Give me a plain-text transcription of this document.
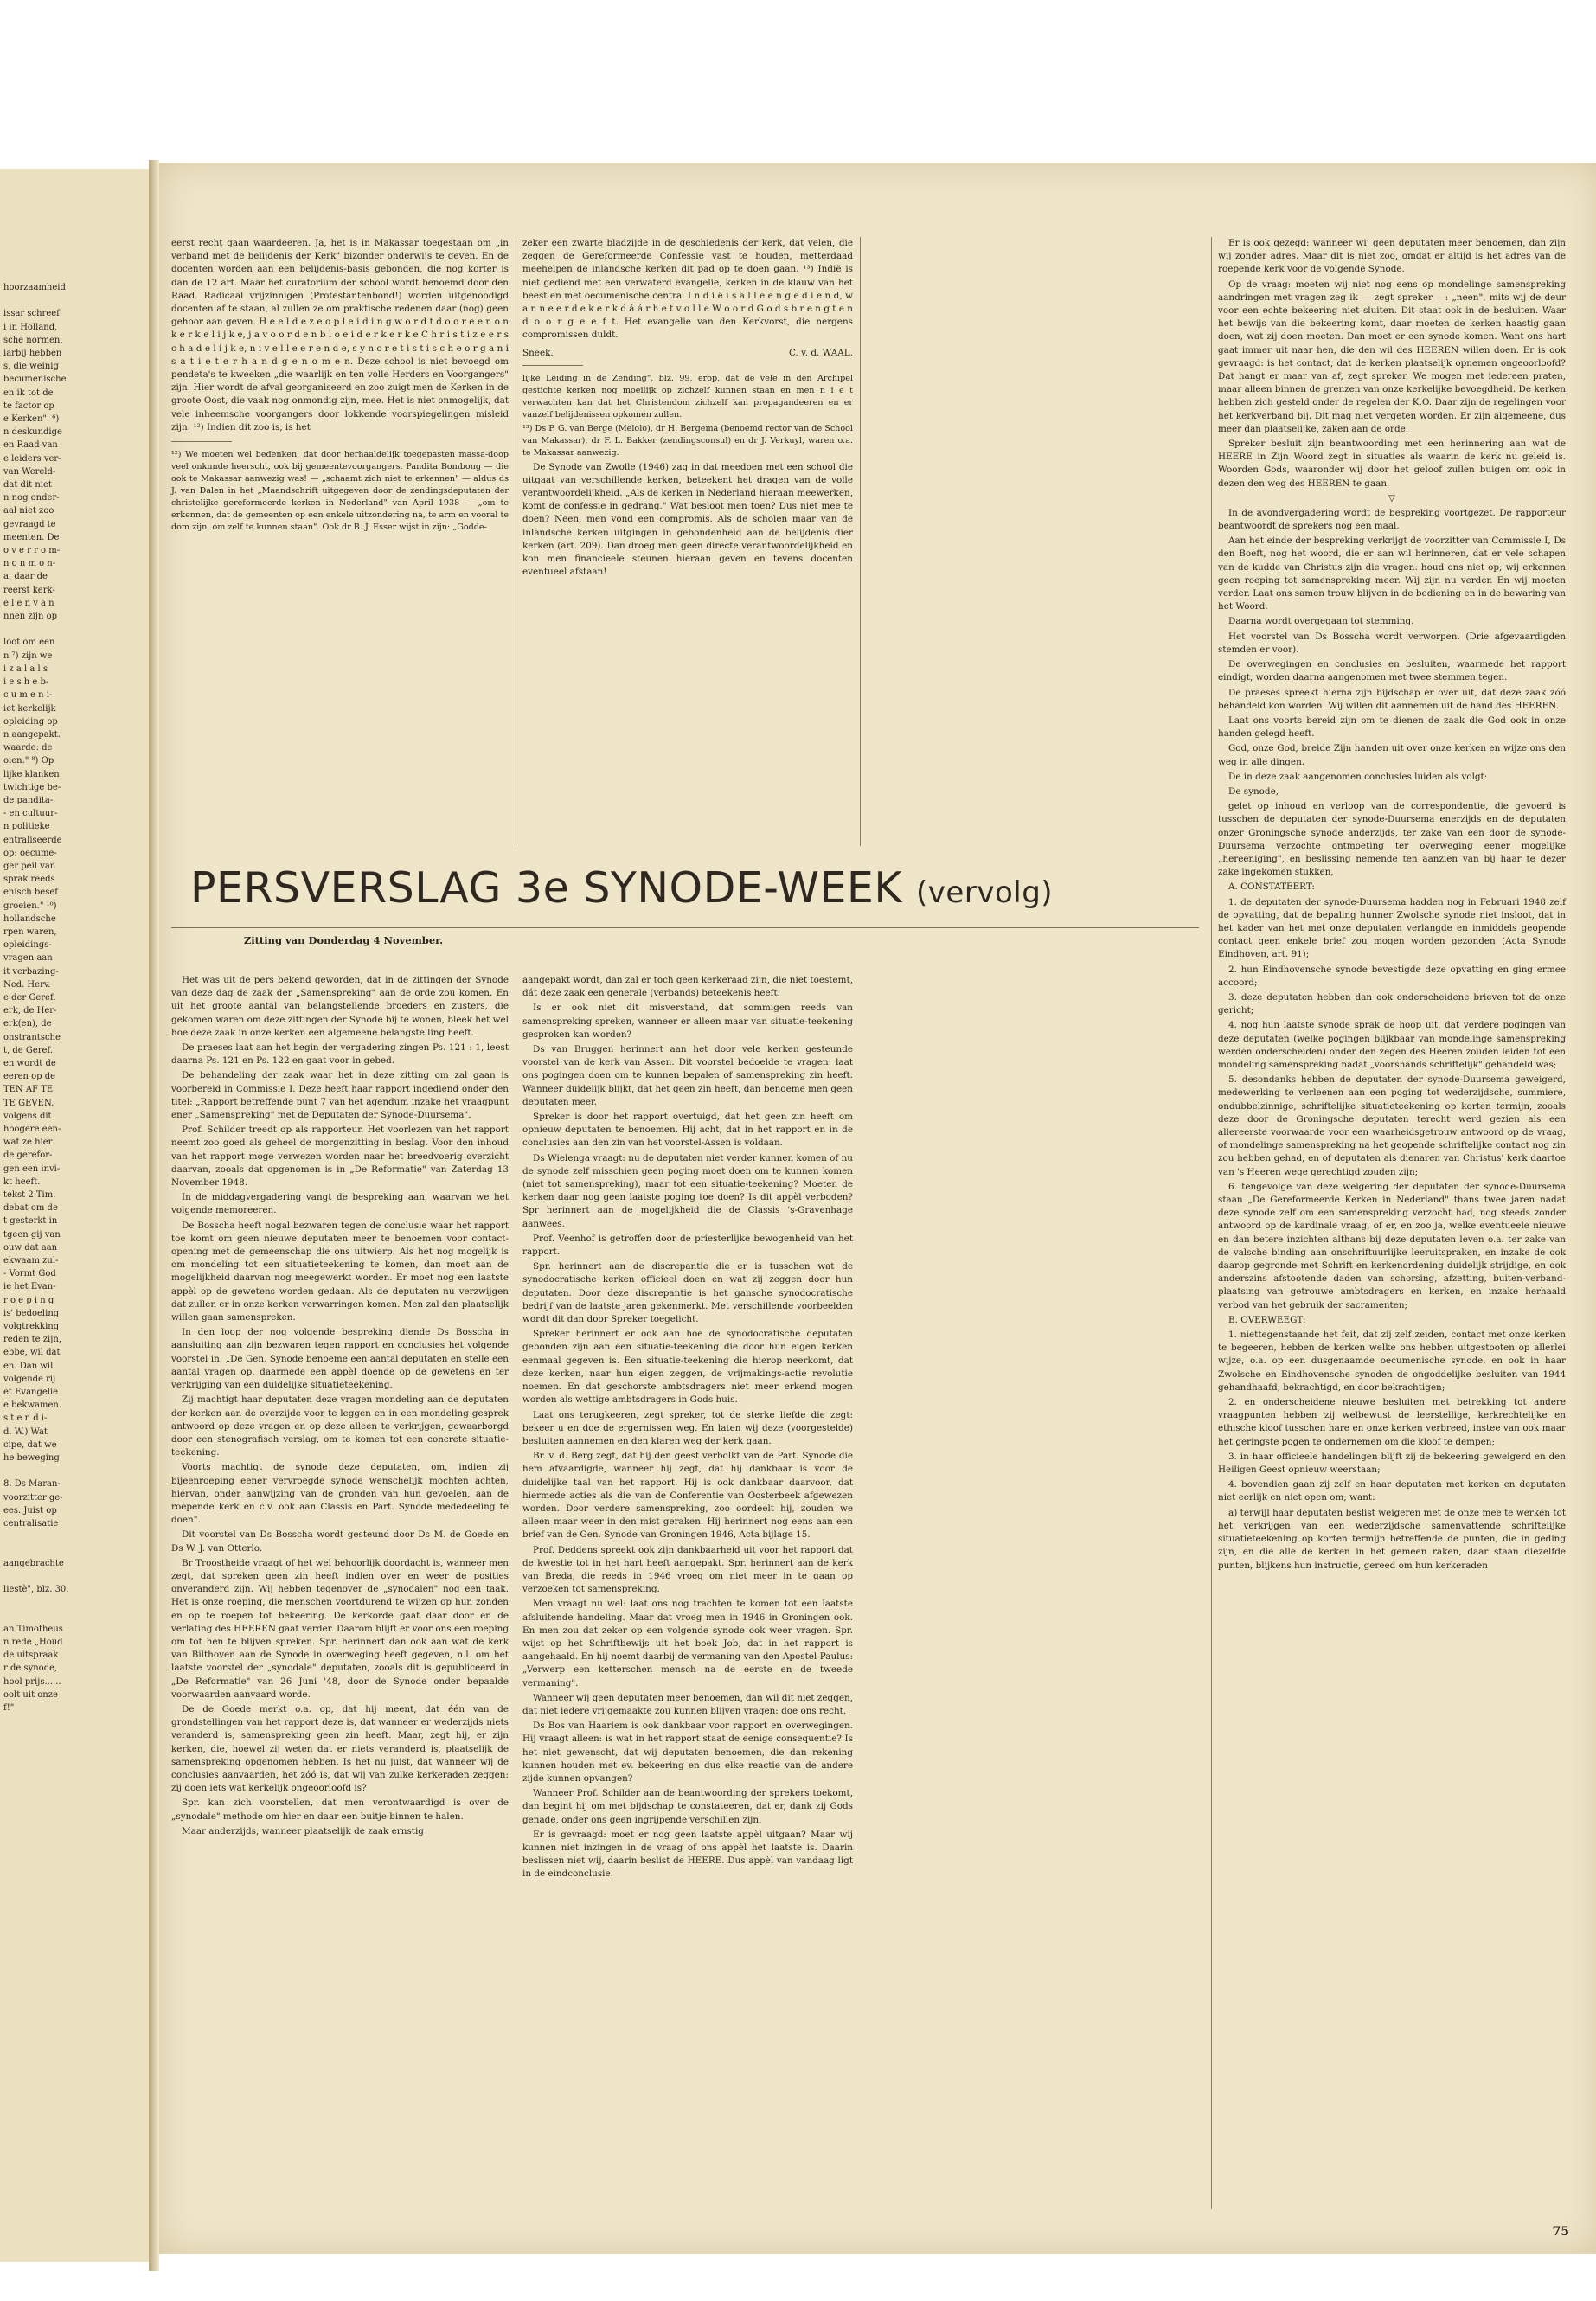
hoorzaamheid

issar schreef

i in Holland,

sche normen,

iarbij hebben

s, die weinig

becumenische

en ik tot de

te factor op

e Kerken". ⁶)

n deskundige

en Raad van

e leiders ver-

van Wereld-

dat dit niet

n nog onder-

aal niet zoo

gevraagd te

meenten. De

o v e r r o m-

n o n m o n-

a, daar de

reerst kerk-

e l e n v a n

nnen zijn op

loot om een

n ⁷) zijn we

i z a l a l s

i e s h e b-

c u m e n i-

iet kerkelijk

opleiding op

n aangepakt.

waarde: de

oien." ⁸) Op

lijke klanken

twichtige be-

de pandita-

- en cultuur-

n politieke

entraliseerde

op: oecume-

ger peil van

sprak reeds

enisch besef

groeien." ¹⁰)

hollandsche

rpen waren,

opleidings-

vragen aan

it verbazing-

Ned. Herv.

e der Geref.

erk, de Her-

erk(en), de

onstrantsche

t, de Geref.

en wordt de

eeren op de

TEN AF TE

TE GEVEN.

volgens dit

hoogere een-

wat ze hier

de gerefor-

gen een invi-

kt heeft.

tekst 2 Tim.

debat om de

t gesterkt in

tgeen gij van

ouw dat aan

ekwaam zul-

- Vormt God

ie het Evan-

r o e p i n g

is' bedoeling

volgtrekking

reden te zijn,

ebbe, wil dat

en. Dan wil

volgende rij

et Evangelie

e bekwamen.

s t e n d i-

d. W.) Wat

cipe, dat we

he beweging

8. Ds Maran-

voorzitter ge-

ees. Juist op

centralisatie

aangebrachte

liestè", blz. 30.

an Timotheus

n rede „Houd

de uitspraak

r de synode,

hool prijs......

oolt uit onze

f!"

eerst recht gaan waardeeren. Ja, het is in Makassar toegestaan om „in verband met de belijdenis der Kerk" bizonder onderwijs te geven. En de docenten worden aan een belijdenis-basis gebonden, die nog korter is dan de 12 art. Maar het curatorium der school wordt benoemd door den Raad. Radicaal vrijzinnigen (Protestantenbond!) worden uitgenoodigd docenten af te staan, al zullen ze om praktische redenen daar (nog) geen gehoor aan geven. H e e l d e z e o p l e i d i n g w o r d t d o o r e e n o n k e r k e l i j k e, j a v o o r d e n b l o e i d e r k e r k e C h r i s t i z e e r s c h a d e l i j k e, n i v e l l e e r e n d e, s y n c r e t i s t i s c h e o r g a n i s a t i e t e r h a n d g e n o m e n. Deze school is niet bevoegd om pendeta's te kweeken „die waarlijk en ten volle Herders en Voorgangers" zijn. Hier wordt de afval georganiseerd en zoo zuigt men de Kerken in de groote Oost, die vaak nog onmondig zijn, mee. Het is niet onmogelijk, dat vele inheemsche voorgangers door lokkende voorspiegelingen misleid zijn. ¹²) Indien dit zoo is, is het

¹²) We moeten wel bedenken, dat door herhaaldelijk toegepasten massa-doop veel onkunde heerscht, ook bij gemeentevoorgangers. Pandita Bombong — die ook te Makassar aanwezig was! — „schaamt zich niet te erkennen" — aldus ds J. van Dalen in het „Maandschrift uitgegeven door de zendingsdeputaten der christelijke gereformeerde kerken in Nederland" van April 1938 — „om te erkennen, dat de gemeenten op een enkele uitzondering na, te arm en vooral te dom zijn, om zelf te kunnen staan". Ook dr B. J. Esser wijst in zijn: „Godde-

zeker een zwarte bladzijde in de geschiedenis der kerk, dat velen, die zeggen de Gereformeerde Confessie vast te houden, metterdaad meehelpen de inlandsche kerken dit pad op te doen gaan. ¹³) Indië is niet gediend met een verwaterd evangelie, kerken in de klauw van het beest en met oecumenische centra. I n d i ë i s a l l e e n g e d i e n d, w a n n e e r d e k e r k d á á r h e t v o l l e W o o r d G o d s b r e n g t e n d o o r g e e f t. Het evangelie van den Kerkvorst, die nergens compromissen duldt.

Sneek.	C. v. d. WAAL.

lijke Leiding in de Zending", blz. 99, erop, dat de vele in den Archipel gestichte kerken nog moeilijk op zichzelf kunnen staan en men n i e t verwachten kan dat het Christendom zichzelf kan propagandeeren en er vanzelf belijdenissen opkomen zullen.

¹³) Ds P. G. van Berge (Melolo), dr H. Bergema (benoemd rector van de School van Makassar), dr F. L. Bakker (zendingsconsul) en dr J. Verkuyl, waren o.a. te Makassar aanwezig.

De Synode van Zwolle (1946) zag in dat meedoen met een school die uitgaat van verschillende kerken, beteekent het dragen van de volle verantwoordelijkheid. „Als de kerken in Nederland hieraan meewerken, komt de confessie in gedrang." Wat besloot men toen? Dus niet mee te doen? Neen, men vond een compromis. Als de scholen maar van de inlandsche kerken uitgingen in gebondenheid aan de belijdenis dier kerken (art. 209). Dan droeg men geen directe verantwoordelijkheid en kon men financieele steunen hieraan geven en tevens docenten eventueel afstaan!

PERSVERSLAG 3e SYNODE-WEEK (vervolg)
Zitting van Donderdag 4 November.

Het was uit de pers bekend geworden, dat in de zittingen der Synode van deze dag de zaak der „Samenspreking" aan de orde zou komen. En uit het groote aantal van belangstellende broeders en zusters, die gekomen waren om deze zittingen der Synode bij te wonen, bleek het wel hoe deze zaak in onze kerken een algemeene belangstelling heeft.

De praeses laat aan het begin der vergadering zingen Ps. 121 : 1, leest daarna Ps. 121 en Ps. 122 en gaat voor in gebed.

De behandeling der zaak waar het in deze zitting om zal gaan is voorbereid in Commissie I. Deze heeft haar rapport ingediend onder den titel: „Rapport betreffende punt 7 van het agendum inzake het vraagpunt ener „Samenspreking" met de Deputaten der Synode-Duursema".

Prof. Schilder treedt op als rapporteur. Het voorlezen van het rapport neemt zoo goed als geheel de morgenzitting in beslag. Voor den inhoud van het rapport moge verwezen worden naar het breedvoerig overzicht daarvan, zooals dat opgenomen is in „De Reformatie" van Zaterdag 13 November 1948.

In de middagvergadering vangt de bespreking aan, waarvan we het volgende memoreeren.

De Bosscha heeft nogal bezwaren tegen de conclusie waar het rapport toe komt om geen nieuwe deputaten meer te benoemen voor contact-opening met de gemeenschap die ons uitwierp. Als het nog mogelijk is om mondeling tot een situatieteekening te komen, dan moet aan de mogelijkheid daarvan nog meegewerkt worden. Er moet nog een laatste appèl op de gewetens worden gedaan. Als de deputaten nu verzwijgen dat zullen er in onze kerken verwarringen komen. Men zal dan plaatselijk willen gaan samenspreken.

In den loop der nog volgende bespreking diende Ds Bosscha in aansluiting aan zijn bezwaren tegen rapport en conclusies het volgende voorstel in: „De Gen. Synode benoeme een aantal deputaten en stelle een aantal vragen op, daarmede een appèl doende op de gewetens en ter verkrijging van een duidelijke situatieteekening.

Zij machtigt haar deputaten deze vragen mondeling aan de deputaten der kerken aan de overzijde voor te leggen en in een mondeling gesprek antwoord op deze vragen en op deze alleen te verkrijgen, gewaarborgd door een stenografisch verslag, om te komen tot een concrete situatie-teekening.

Voorts machtigt de synode deze deputaten, om, indien zij bijeenroeping eener vervroegde synode wenschelijk mochten achten, hiervan, onder aanwijzing van de gronden van hun gevoelen, aan de roepende kerk en c.v. ook aan Classis en Part. Synode mededeeling te doen".

Dit voorstel van Ds Bosscha wordt gesteund door Ds M. de Goede en Ds W. J. van Otterlo.

Br Troostheide vraagt of het wel behoorlijk doordacht is, wanneer men zegt, dat spreken geen zin heeft indien over en weer de posities onveranderd zijn. Wij hebben tegenover de „synodalen" nog een taak. Het is onze roeping, die menschen voortdurend te wijzen op hun zonden en op te roepen tot bekeering. De kerkorde gaat daar door en de verlating des HEEREN gaat verder. Daarom blijft er voor ons een roeping om tot hen te blijven spreken. Spr. herinnert dan ook aan wat de kerk van Bilthoven aan de Synode in overweging heeft gegeven, n.l. om het laatste voorstel der „synodale" deputaten, zooals dit is gepubliceerd in „De Reformatie" van 26 Juni '48, door de Synode onder bepaalde voorwaarden aanvaard worde.

De de Goede merkt o.a. op, dat hij meent, dat één van de grondstellingen van het rapport deze is, dat wanneer er wederzijds niets veranderd is, samenspreking geen zin heeft. Maar, zegt hij, er zijn kerken, die, hoewel zij weten dat er niets veranderd is, plaatselijk de samenspreking opgenomen hebben. Is het nu juist, dat wanneer wij de conclusies aanvaarden, het zóó is, dat wij van zulke kerkeraden zeggen: zij doen iets wat kerkelijk ongeoorloofd is?

Spr. kan zich voorstellen, dat men verontwaardigd is over de „synodale" methode om hier en daar een buitje binnen te halen.

Maar anderzijds, wanneer plaatselijk de zaak ernstig

aangepakt wordt, dan zal er toch geen kerkeraad zijn, die niet toestemt, dát deze zaak een generale (verbands) beteekenis heeft.

Is er ook niet dit misverstand, dat sommigen reeds van samenspreking spreken, wanneer er alleen maar van situatie-teekening gesproken kan worden?

Ds van Bruggen herinnert aan het door vele kerken gesteunde voorstel van de kerk van Assen. Dit voorstel bedoelde te vragen: laat ons pogingen doen om te kunnen bepalen of samenspreking zin heeft. Wanneer duidelijk blijkt, dat het geen zin heeft, dan benoeme men geen deputaten meer.

Spreker is door het rapport overtuigd, dat het geen zin heeft om opnieuw deputaten te benoemen. Hij acht, dat in het rapport en in de conclusies aan den zin van het voorstel-Assen is voldaan.

Ds Wielenga vraagt: nu de deputaten niet verder kunnen komen of nu de synode zelf misschien geen poging moet doen om te kunnen komen (niet tot samenspreking), maar tot een situatie-teekening? Moeten de kerken daar nog geen laatste poging toe doen? Is dit appèl verboden? Spr herinnert aan de mogelijkheid die de Classis 's-Gravenhage aanwees.

Prof. Veenhof is getroffen door de priesterlijke bewogenheid van het rapport.

Spr. herinnert aan de discrepantie die er is tusschen wat de synodocratische kerken officieel doen en wat zij zeggen door hun deputaten. Door deze discrepantie is het gansche synodocratische bedrijf van de laatste jaren gekenmerkt. Met verschillende voorbeelden wordt dit dan door Spreker toegelicht.

Spreker herinnert er ook aan hoe de synodocratische deputaten gebonden zijn aan een situatie-teekening die door hun eigen kerken eenmaal gegeven is. Een situatie-teekening die hierop neerkomt, dat deze kerken, naar hun eigen zeggen, de vrijmakings-actie revolutie noemen. En dat geschorste ambtsdragers niet meer erkend mogen worden als wettige ambtsdragers in Gods huis.

Laat ons terugkeeren, zegt spreker, tot de sterke liefde die zegt: bekeer u en doe de ergernissen weg. En laten wij deze (voorgestelde) besluiten aannemen en den klaren weg der kerk gaan.

Br. v. d. Berg zegt, dat hij den geest verbolkt van de Part. Synode die hem afvaardigde, wanneer hij zegt, dat hij dankbaar is voor de duidelijke taal van het rapport. Hij is ook dankbaar daarvoor, dat hiermede acties als die van de Conferentie van Oosterbeek afgewezen worden. Door verdere samenspreking, zoo oordeelt hij, zouden we alleen maar weer in den mist geraken. Hij herinnert nog eens aan een brief van de Gen. Synode van Groningen 1946, Acta bijlage 15.

Prof. Deddens spreekt ook zijn dankbaarheid uit voor het rapport dat de kwestie tot in het hart heeft aangepakt. Spr. herinnert aan de kerk van Breda, die reeds in 1946 vroeg om niet meer in te gaan op verzoeken tot samenspreking.

Men vraagt nu wel: laat ons nog trachten te komen tot een laatste afsluitende handeling. Maar dat vroeg men in 1946 in Groningen ook. En men zou dat zeker op een volgende synode ook weer vragen. Spr. wijst op het Schriftbewijs uit het boek Job, dat in het rapport is aangehaald. En hij noemt daarbij de vermaning van den Apostel Paulus: „Verwerp een ketterschen mensch na de eerste en de tweede vermaning".

Wanneer wij geen deputaten meer benoemen, dan wil dit niet zeggen, dat niet iedere vrijgemaakte zou kunnen blijven vragen: doe ons recht.

Ds Bos van Haarlem is ook dankbaar voor rapport en overwegingen. Hij vraagt alleen: is wat in het rapport staat de eenige consequentie? Is het niet gewenscht, dat wij deputaten benoemen, die dan rekening kunnen houden met ev. bekeering en dus elke reactie van de andere zijde kunnen opvangen?

Wanneer Prof. Schilder aan de beantwoording der sprekers toekomt, dan begint hij om met bijdschap te constateeren, dat er, dank zij Gods genade, onder ons geen ingrijpende verschillen zijn.

Er is gevraagd: moet er nog geen laatste appèl uitgaan? Maar wij kunnen niet inzingen in de vraag of ons appèl het laatste is. Daarin beslissen niet wij, daarin beslist de HEERE. Dus appèl van vandaag ligt in de eindconclusie.

Er is ook gezegd: wanneer wij geen deputaten meer benoemen, dan zijn wij zonder adres. Maar dit is niet zoo, omdat er altijd is het adres van de roepende kerk voor de volgende Synode.

Op de vraag: moeten wij niet nog eens op mondelinge samenspreking aandringen met vragen zeg ik — zegt spreker —: „neen", mits wij de deur voor een echte bekeering niet sluiten. Dit staat ook in de besluiten. Waar het bewijs van die bekeering komt, daar moeten de kerken haastig gaan doen, wat zij doen moeten. Dan moet er een synode komen. Want ons hart gaat immer uit naar hen, die den wil des HEEREN willen doen. Er is ook gevraagd: is het contact, dat de kerken plaatselijk opnemen ongeoorloofd? Dat hangt er maar van af, zegt spreker. We mogen met iedereen praten, maar alleen binnen de grenzen van onze kerkelijke bevoegdheid. De kerken hebben zich gesteld onder de regelen der K.O. Daar zijn de regelingen voor het kerkverband bij. Dit mag niet vergeten worden. Er zijn algemeene, dus meer dan plaatselijke, zaken aan de orde.

Spreker besluit zijn beantwoording met een herinnering aan wat de HEERE in Zijn Woord zegt in situaties als waarin de kerk nu geleid is. Woorden Gods, waaronder wij door het geloof zullen buigen om ook in dezen den weg des HEEREN te gaan.

▽

In de avondvergadering wordt de bespreking voortgezet. De rapporteur beantwoordt de sprekers nog een maal.

Aan het einde der bespreking verkrijgt de voorzitter van Commissie I, Ds den Boeft, nog het woord, die er aan wil herinneren, dat er vele schapen van de kudde van Christus zijn die vragen: houd ons niet op; wij erkennen geen roeping tot samenspreking meer. Wij zijn nu verder. En wij moeten verder. Laat ons samen trouw blijven in de bediening en in de bewaring van het Woord.

Daarna wordt overgegaan tot stemming.

Het voorstel van Ds Bosscha wordt verworpen. (Drie afgevaardigden stemden er voor).

De overwegingen en conclusies en besluiten, waarmede het rapport eindigt, worden daarna aangenomen met twee stemmen tegen.

De praeses spreekt hierna zijn bijdschap er over uit, dat deze zaak zóó behandeld kon worden. Wij willen dit aannemen uit de hand des HEEREN.

Laat ons voorts bereid zijn om te dienen de zaak die God ook in onze handen gelegd heeft.

God, onze God, breide Zijn handen uit over onze kerken en wijze ons den weg in alle dingen.

De in deze zaak aangenomen conclusies luiden als volgt:

De synode,

gelet op inhoud en verloop van de correspondentie, die gevoerd is tusschen de deputaten der synode-Duursema enerzijds en de deputaten onzer Groningsche synode anderzijds, ter zake van een door de synode-Duursema verzochte ontmoeting ter overweging eener mogelijke „hereeniging", en beslissing nemende ten aanzien van bij haar te dezer zake ingekomen stukken,

A. CONSTATEERT:

1. de deputaten der synode-Duursema hadden nog in Februari 1948 zelf de opvatting, dat de bepaling hunner Zwolsche synode niet insloot, dat in het kader van het met onze deputaten verlangde en inmiddels geopende contact geen enkele brief zou mogen worden gezonden (Acta Synode Eindhoven, art. 91);

2. hun Eindhovensche synode bevestigde deze opvatting en ging ermee accoord;

3. deze deputaten hebben dan ook onderscheidene brieven tot de onze gericht;

4. nog hun laatste synode sprak de hoop uit, dat verdere pogingen van deze deputaten (welke pogingen blijkbaar van mondelinge samenspreking werden onderscheiden) onder den zegen des Heeren zouden leiden tot een mondeling samenspreking nadat „voorshands schriftelijk" gehandeld was;

5. desondanks hebben de deputaten der synode-Duursema geweigerd, medewerking te verleenen aan een poging tot wederzijdsche, summiere, ondubbelzinnige, schriftelijke situatieteekening op korten termijn, zooals deze door de Groningsche deputaten terecht werd gezien als een allereerste voorwaarde voor een waarheidsgetrouw antwoord op de vraag, of mondelinge samenspreking na het geopende schriftelijke contact nog zin zou hebben gehad, en of deputaten als dienaren van Christus' kerk daartoe van 's Heeren wege gerechtigd zouden zijn;

6. tengevolge van deze weigering der deputaten der synode-Duursema staan „De Gereformeerde Kerken in Nederland" thans twee jaren nadat deze synode zelf om een samenspreking verzocht had, nog steeds zonder antwoord op de kardinale vraag, of er, en zoo ja, welke eventueele nieuwe en dan betere inzichten althans bij deze deputaten leven o.a. ter zake van de valsche binding aan onschriftuurlijke leeruitspraken, en inzake de ook daarop gegronde met Schrift en kerkenordening duidelijk strijdige, en ook anderszins afstootende daden van schorsing, afzetting, buiten-verband-plaatsing van getrouwe ambtsdragers en kerken, en inzake herhaald verbod van het gebruik der sacramenten;

B. OVERWEEGT:

1. niettegenstaande het feit, dat zij zelf zeiden, contact met onze kerken te begeeren, hebben de kerken welke ons hebben uitgestooten op allerlei wijze, o.a. op een dusgenaamde oecumenische synode, en ook in haar Zwolsche en Eindhovensche synoden de ongoddelijke besluiten van 1944 gehandhaafd, bekrachtigd, en door bekrachtigen;

2. en onderscheidene nieuwe besluiten met betrekking tot andere vraagpunten hebben zij welbewust de leerstellige, kerkrechtelijke en ethische kloof tusschen hare en onze kerken verbreed, instee van ook maar het geringste pogen te ondernemen om die kloof te dempen;

3. in haar officieele handelingen blijft zij de bekeering geweigerd en den Heiligen Geest opnieuw weerstaan;

4. bovendien gaan zij zelf en haar deputaten met kerken en deputaten niet eerlijk en niet open om; want:

a) terwijl haar deputaten beslist weigeren met de onze mee te werken tot het verkrijgen van een wederzijdsche samenvattende schriftelijke situatieteekening op korten termijn betreffende de punten, die in geding zijn, en die alle de kerken in het gemeen raken, daar staan diezelfde punten, blijkens hun instructie, gereed om hun kerkeraden

75
